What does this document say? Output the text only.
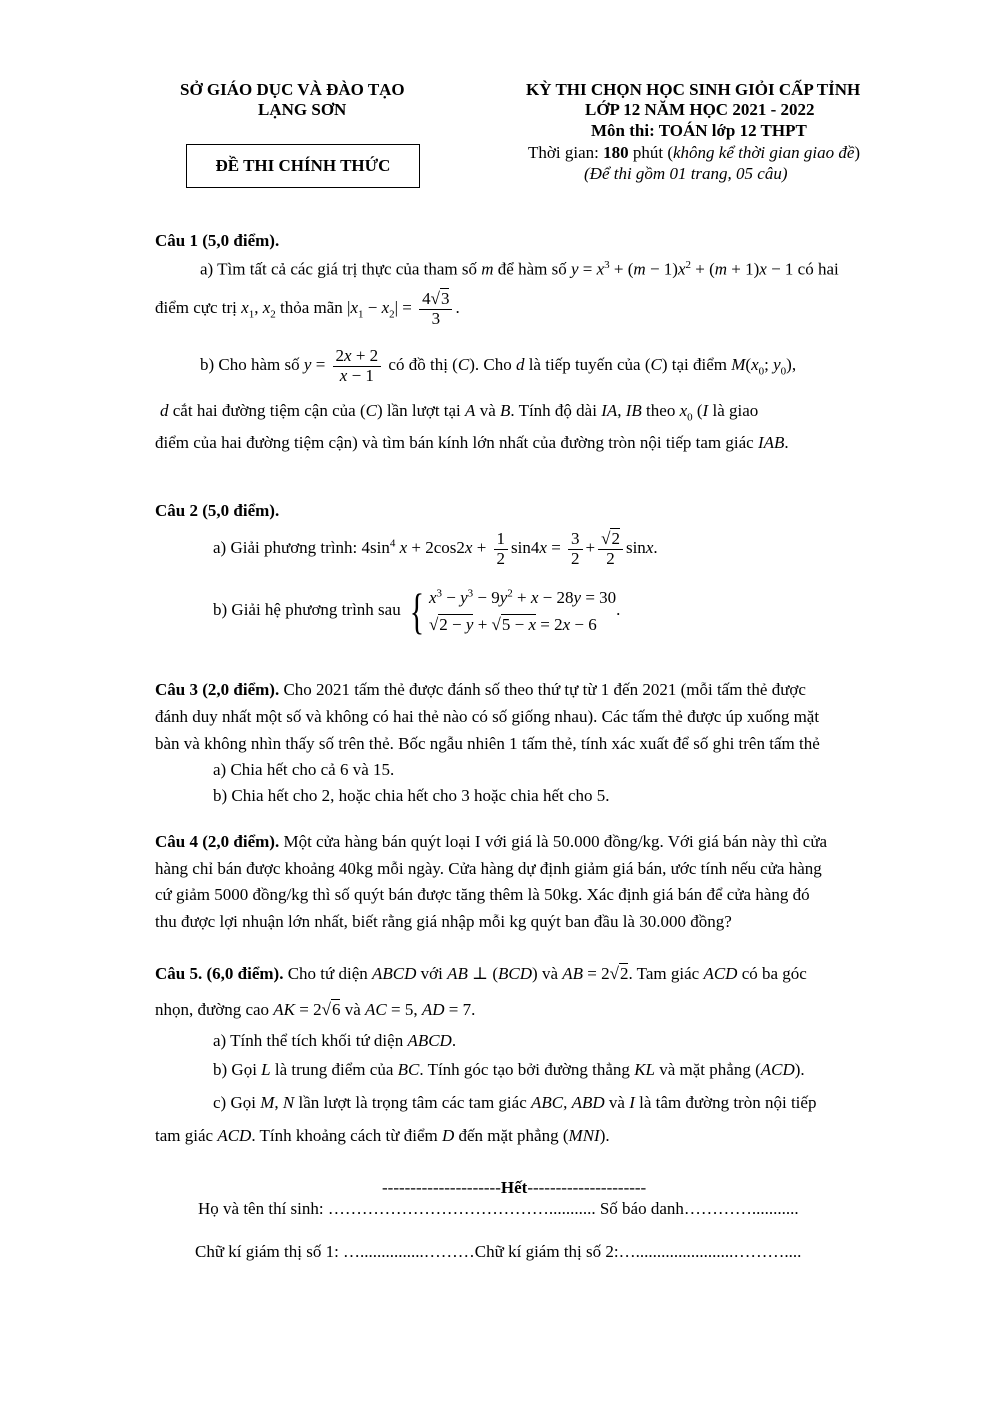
SỞ GIÁO DỤC VÀ ĐÀO TẠO
LẠNG SƠN
ĐỀ THI CHÍNH THỨC
KỲ THI CHỌN HỌC SINH GIỎI CẤP TỈNH
LỚP 12 NĂM HỌC 2021 - 2022
Môn thi: TOÁN lớp 12 THPT
Thời gian: 180 phút (không kể thời gian giao đề)
(Để thi gồm 01 trang, 05 câu)
Câu 1 (5,0 điểm).
a) Tìm tất cả các giá trị thực của tham số m để hàm số $y = x^3 + (m - 1)x^2 + (m + 1)x - 1$ có hai
điểm cực trị $x_1$, $x_2$ thỏa mãn $|x_1 - x_2| = \frac{4√3}{3}$ .
b) Cho hàm số $y = \frac{2x + 2}{x - 1}$ có đồ thị (C). Cho d là tiếp tuyến của (C) tại điểm $M(x_0$; $y_0$),
d cắt hai đường tiệm cận của (C) lần lượt tại A và B. Tính độ dài IA, IB theo $x_0$ (I là giao
điểm của hai đường tiệm cận) và tìm bán kính lớn nhất của đường tròn nội tiếp tam giác IAB.
Câu 2 (5,0 điểm).
a) Giải phương trình: $4\sin^4$ $x + 2\cos 2x + \frac{1}{2} \sin 4x = \frac{3}{2} + \frac{√2}{2} \sin x$.
b) Giải hệ phương trình sau { $x^3 - y^3 - 9y^2 + x - 28y = 30$
√2 − y + √5 − x = 2x − 6
.
Câu 3 (2,0 điểm). Cho 2021 tấm thẻ được đánh số theo thứ tự từ 1 đến 2021 (mỗi tấm thẻ được
đánh duy nhất một số và không có hai thẻ nào có số giống nhau). Các tấm thẻ được úp xuống mặt
bàn và không nhìn thấy số trên thẻ. Bốc ngẫu nhiên 1 tấm thẻ, tính xác xuất để số ghi trên tấm thẻ
a) Chia hết cho cả 6 và 15.
b) Chia hết cho 2, hoặc chia hết cho 3 hoặc chia hết cho 5.
Câu 4 (2,0 điểm). Một cửa hàng bán quýt loại I với giá là 50.000 đồng/kg. Với giá bán này thì cửa
hàng chỉ bán được khoảng 40kg mỗi ngày. Cửa hàng dự định giảm giá bán, ước tính nếu cửa hàng
cứ giảm 5000 đồng/kg thì số quýt bán được tăng thêm là 50kg. Xác định giá bán để cửa hàng đó
thu được lợi nhuận lớn nhất, biết rằng giá nhập mỗi kg quýt ban đầu là 30.000 đồng?
Câu 5. (6,0 điểm). Cho tứ diện ABCD với AB ⊥ (BCD) và AB = 2√2. Tam giác ACD có ba góc
nhọn, đường cao AK = 2√6 và AC = 5, AD = 7.
a) Tính thể tích khối tứ diện ABCD.
b) Gọi L là trung điểm của BC. Tính góc tạo bởi đường thẳng KL và mặt phẳng (ACD).
c) Gọi M, N lần lượt là trọng tâm các tam giác ABC, ABD và I là tâm đường tròn nội tiếp
tam giác ACD. Tính khoảng cách từ điểm D đến mặt phẳng (MNI).
---------------------Hết---------------------
Họ và tên thí sinh: …………………………………........... Số báo danh…………...........
Chữ kí giám thị số 1: …...............………Chữ kí giám thị số 2:….......................………....
